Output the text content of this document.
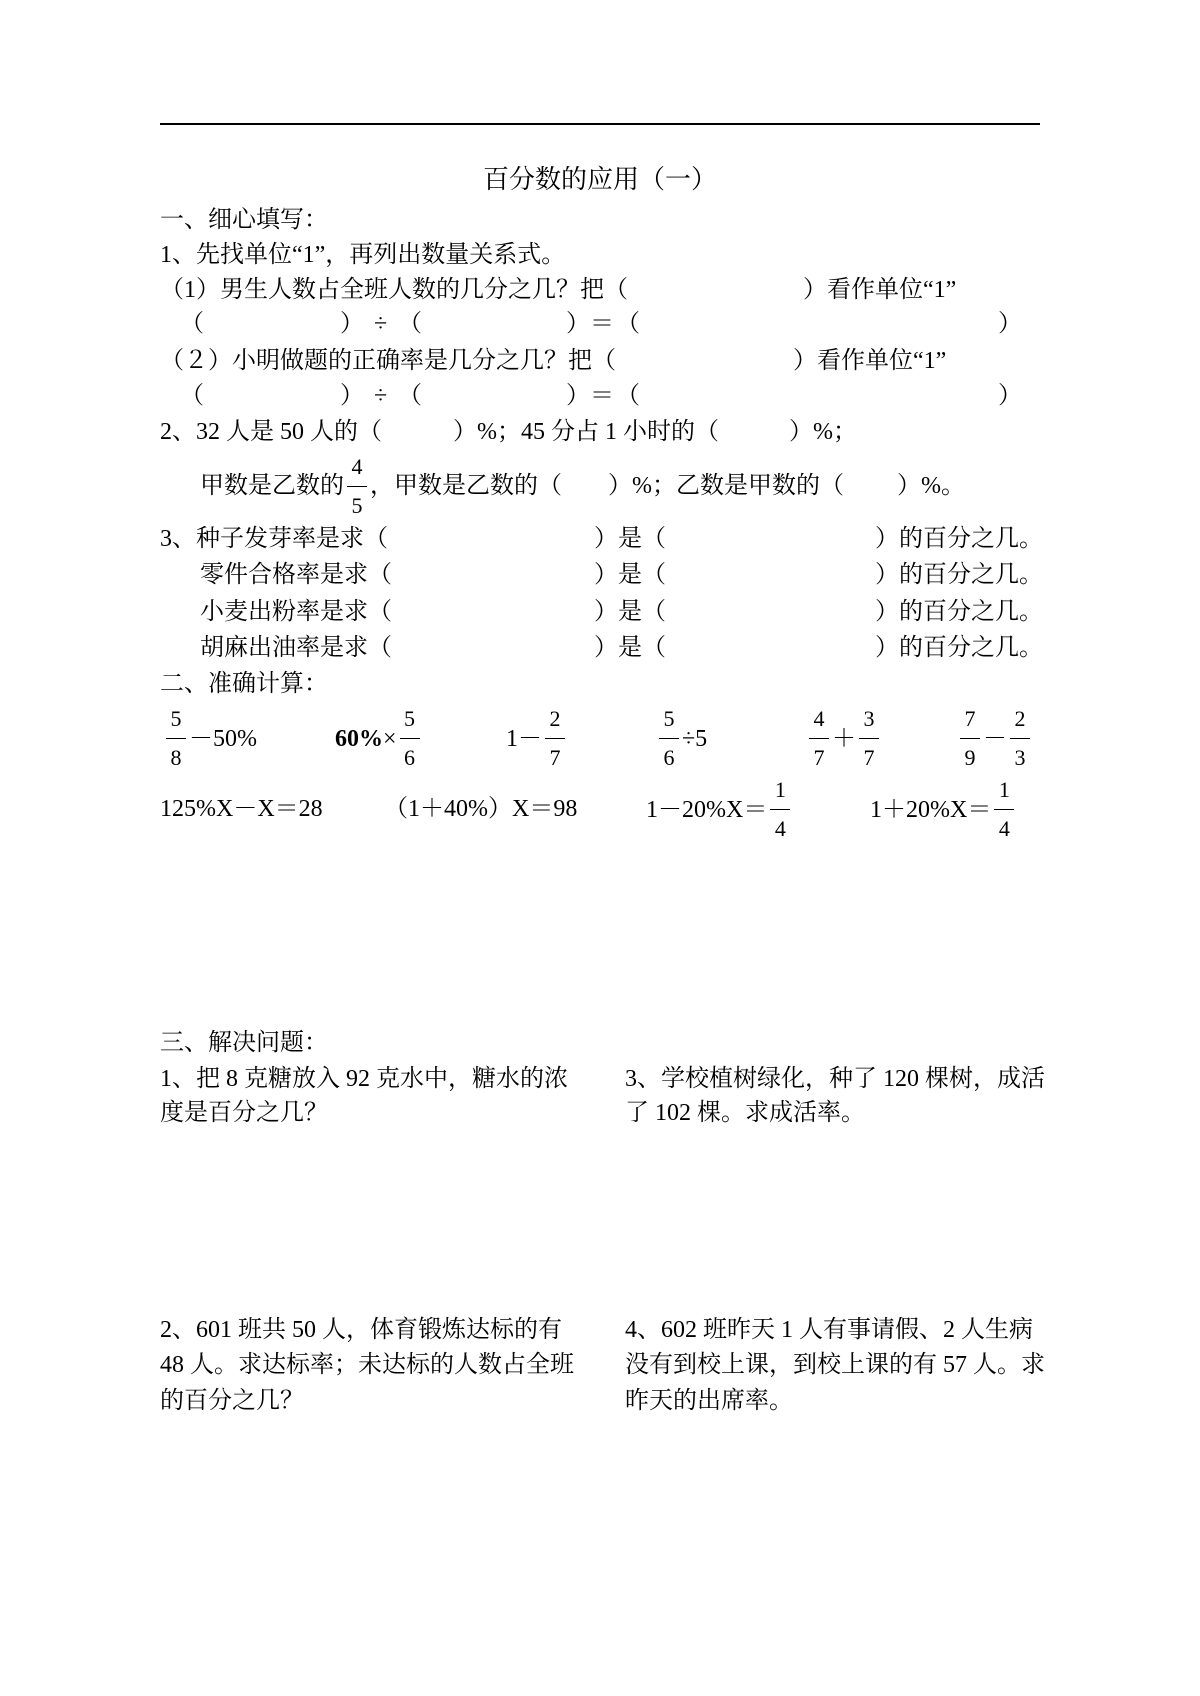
百分数的应用（一）
一、细心填写：
1、先找单位“1”，再列出数量关系式。
（1）男生人数占全班人数的几分之几？把（	）看作单位“1”
（	） ÷ （	） ＝ （	）
（２）小明做题的正确率是几分之几？把（	）看作单位“1”
（	） ÷ （	） ＝ （	）
2、32 人是 50 人的（	）%；45 分占 1 小时的（	）%；
甲数是乙数的 $\frac{4}{5}$ ，甲数是乙数的（ ）%；乙数是甲数的（ ）%。
3、种子发芽率是求（	）是（	）的百分之几。
零件合格率是求（	）是（	）的百分之几。
小麦出粉率是求（	）是（	）的百分之几。
胡麻出油率是求（	）是（	）的百分之几。
二、准确计算：
$\frac{5}{8} -50\%$	$60\% \times \frac{5}{6}$	$1- \frac{2}{7}$	$\frac{5}{6} \div 5$	$\frac{4}{7} + \frac{3}{7}$	$\frac{7}{9} - \frac{2}{3}$
125%X－X＝28	（1＋40%）X＝98	$1-20\%X= \frac{1}{4}$	$1+20\%X= \frac{1}{4}$
三、解决问题：
1、把 8 克糖放入 92 克水中，糖水的浓
度是百分之几？
3、学校植树绿化，种了 120 棵树，成活
了 102 棵。求成活率。
2、601 班共 50 人，体育锻炼达标的有
48 人。求达标率；未达标的人数占全班
的百分之几？
4、602 班昨天 1 人有事请假、2 人生病
没有到校上课，到校上课的有 57 人。求
昨天的出席率。
